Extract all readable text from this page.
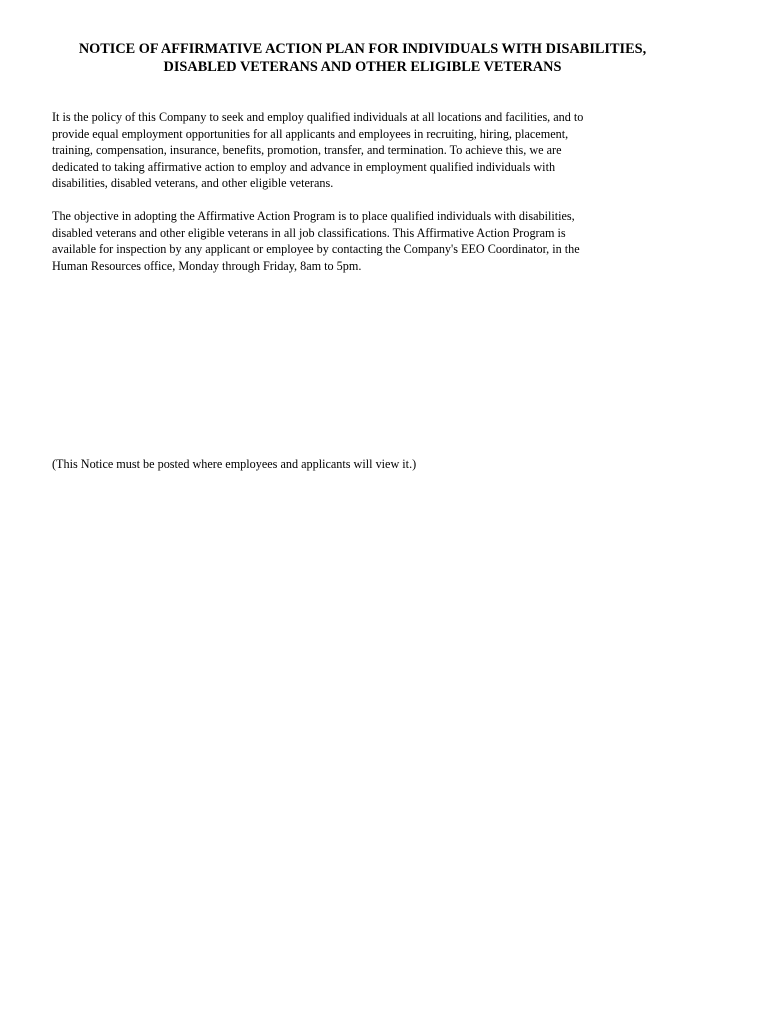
NOTICE OF AFFIRMATIVE ACTION PLAN FOR INDIVIDUALS WITH DISABILITIES,
DISABLED VETERANS AND OTHER ELIGIBLE VETERANS

It is the policy of this Company to seek and employ qualified individuals at all locations and facilities, and to
provide equal employment opportunities for all applicants and employees in recruiting, hiring, placement,
training, compensation, insurance, benefits, promotion, transfer, and termination. To achieve this, we are
dedicated to taking affirmative action to employ and advance in employment qualified individuals with
disabilities, disabled veterans, and other eligible veterans.

The objective in adopting the Affirmative Action Program is to place qualified individuals with disabilities,
disabled veterans and other eligible veterans in all job classifications. This Affirmative Action Program is
available for inspection by any applicant or employee by contacting the Company's EEO Coordinator, in the
Human Resources office, Monday through Friday, 8am to 5pm.

(This Notice must be posted where employees and applicants will view it.)
